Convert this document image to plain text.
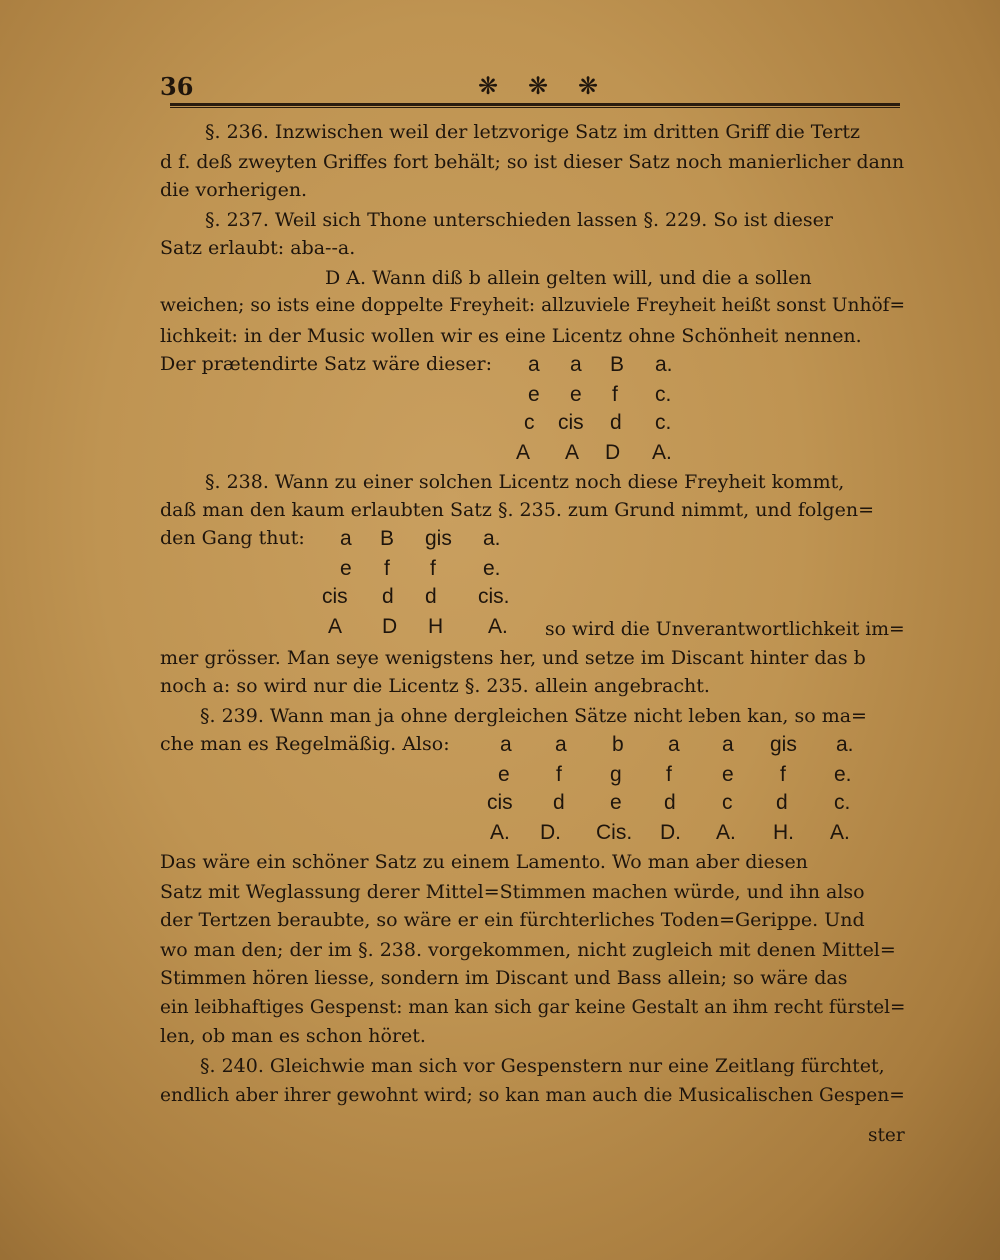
36	❋ ❋ ❋
§. 236. Inzwischen weil der letzvorige Satz im dritten Griff die Tertz
d f. deß zweyten Griffes fort behält; so ist dieser Satz noch manierlicher dann
die vorherigen.
§. 237. Weil sich Thone unterschieden lassen §. 229. So ist dieser
Satz erlaubt: aba--a.
D A. Wann diß b allein gelten will, und die a sollen
weichen; so ists eine doppelte Freyheit: allzuviele Freyheit heißt sonst Unhöf=
lichkeit: in der Music wollen wir es eine Licentz ohne Schönheit nennen.
Der prætendirte Satz wäre dieser: a a B a.
e e f c.
c cis d c.
A A D A.
§. 238. Wann zu einer solchen Licentz noch diese Freyheit kommt,
daß man den kaum erlaubten Satz §. 235. zum Grund nimmt, und folgen=
den Gang thut: a B gis a.
e f f e.
cis d d cis.
A D H A. so wird die Unverantwortlichkeit im=
mer grösser. Man seye wenigstens her, und setze im Discant hinter das b
noch a: so wird nur die Licentz §. 235. allein angebracht.
§. 239. Wann man ja ohne dergleichen Sätze nicht leben kan, so ma=
che man es Regelmäßig. Also: a a b a a gis a.
e f g f e f e.
cis d e d c d c.
A. D. Cis. D. A. H. A.
Das wäre ein schöner Satz zu einem Lamento. Wo man aber diesen
Satz mit Weglassung derer Mittel=Stimmen machen würde, und ihn also
der Tertzen beraubte, so wäre er ein fürchterliches Toden=Gerippe. Und
wo man den; der im §. 238. vorgekommen, nicht zugleich mit denen Mittel=
Stimmen hören liesse, sondern im Discant und Bass allein; so wäre das
ein leibhaftiges Gespenst: man kan sich gar keine Gestalt an ihm recht fürstel=
len, ob man es schon höret.
§. 240. Gleichwie man sich vor Gespenstern nur eine Zeitlang fürchtet,
endlich aber ihrer gewohnt wird; so kan man auch die Musicalischen Gespen=
ster
